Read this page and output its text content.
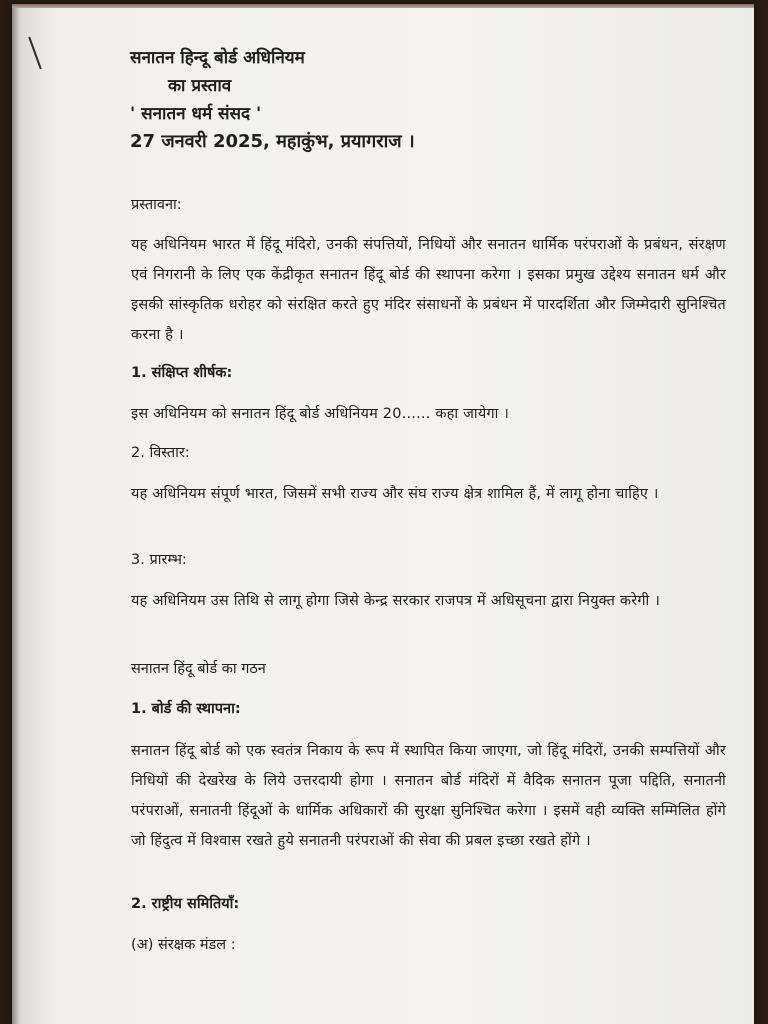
सनातन हिन्दू बोर्ड अधिनियम
का प्रस्ताव
' सनातन धर्म संसद '
27 जनवरी 2025, महाकुंभ, प्रयागराज ।
प्रस्तावना:
यह अधिनियम भारत में हिंदू मंदिरो, उनकी संपत्तियों, निधियों और सनातन धार्मिक परंपराओं के प्रबंधन, संरक्षण एवं निगरानी के लिए एक केंद्रीकृत सनातन हिंदू बोर्ड की स्थापना करेगा । इसका प्रमुख उद्देश्य सनातन धर्म और इसकी सांस्कृतिक धरोहर को संरक्षित करते हुए मंदिर संसाधनों के प्रबंधन में पारदर्शिता और जिम्मेदारी सुनिश्चित करना है ।
1. संक्षिप्त शीर्षक:
इस अधिनियम को सनातन हिंदू बोर्ड अधिनियम 20...... कहा जायेगा ।
2. विस्तार:
यह अधिनियम संपूर्ण भारत, जिसमें सभी राज्य और संघ राज्य क्षेत्र शामिल हैं, में लागू होना चाहिए ।
3. प्रारम्भ:
यह अधिनियम उस तिथि से लागू होगा जिसे केन्द्र सरकार राजपत्र में अधिसूचना द्वारा नियुक्त करेगी ।
सनातन हिंदू बोर्ड का गठन
1. बोर्ड की स्थापना:
सनातन हिंदू बोर्ड को एक स्वतंत्र निकाय के रूप में स्थापित किया जाएगा, जो हिंदू मंदिरों, उनकी सम्पत्तियों और निधियों की देखरेख के लिये उत्तरदायी होगा । सनातन बोर्ड मंदिरों में वैदिक सनातन पूजा पद्दिति, सनातनी परंपराओं, सनातनी हिंदूओं के धार्मिक अधिकारों की सुरक्षा सुनिश्चित करेगा । इसमें वही व्यक्ति सम्मिलित होंगे जो हिंदुत्व में विश्वास रखते हुये सनातनी परंपराओं की सेवा की प्रबल इच्छा रखते होंगे ।
2. राष्ट्रीय समितियाँ:
(अ) संरक्षक मंडल :
